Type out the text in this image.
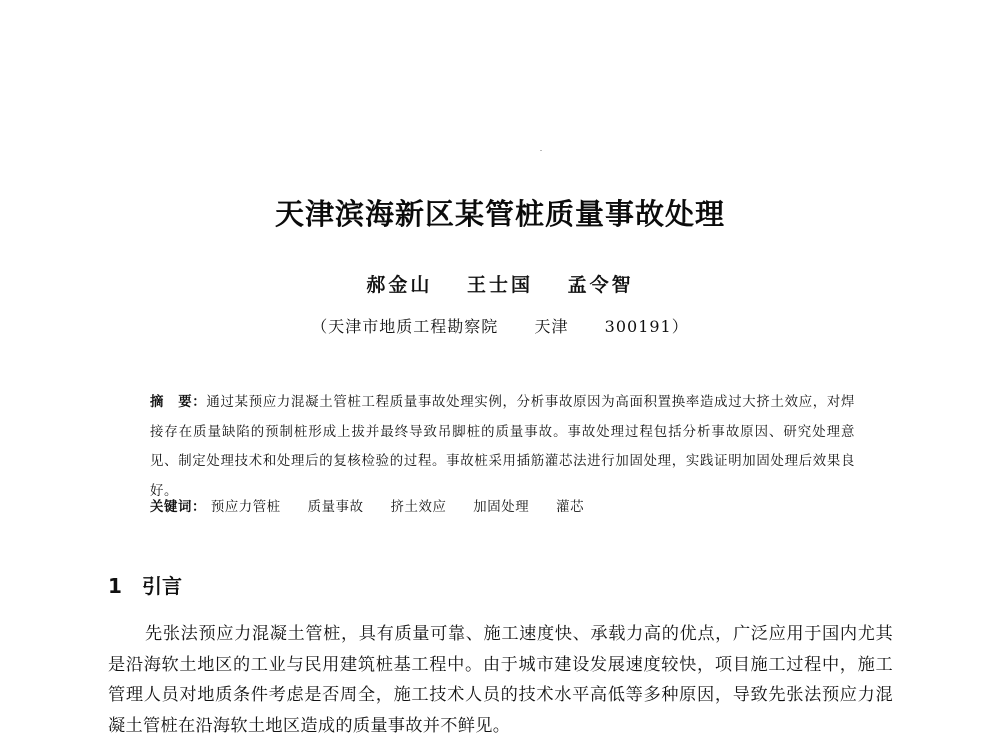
天津滨海新区某管桩质量事故处理
郝金山 王士国 孟令智
（天津市地质工程勘察院 天津 300191）
摘　要：通过某预应力混凝土管桩工程质量事故处理实例，分析事故原因为高面积置换率造成过大挤土效应，对焊接存在质量缺陷的预制桩形成上拔并最终导致吊脚桩的质量事故。事故处理过程包括分析事故原因、研究处理意见、制定处理技术和处理后的复核检验的过程。事故桩采用插筋灌芯法进行加固处理，实践证明加固处理后效果良好。
关键词： 预应力管桩 质量事故 挤土效应 加固处理 灌芯
1 引言

先张法预应力混凝土管桩，具有质量可靠、施工速度快、承载力高的优点，广泛应用于国内尤其是沿海软土地区的工业与民用建筑桩基工程中。由于城市建设发展速度较快，项目施工过程中，施工管理人员对地质条件考虑是否周全，施工技术人员的技术水平高低等多种原因，导致先张法预应力混凝土管桩在沿海软土地区造成的质量事故并不鲜见。
